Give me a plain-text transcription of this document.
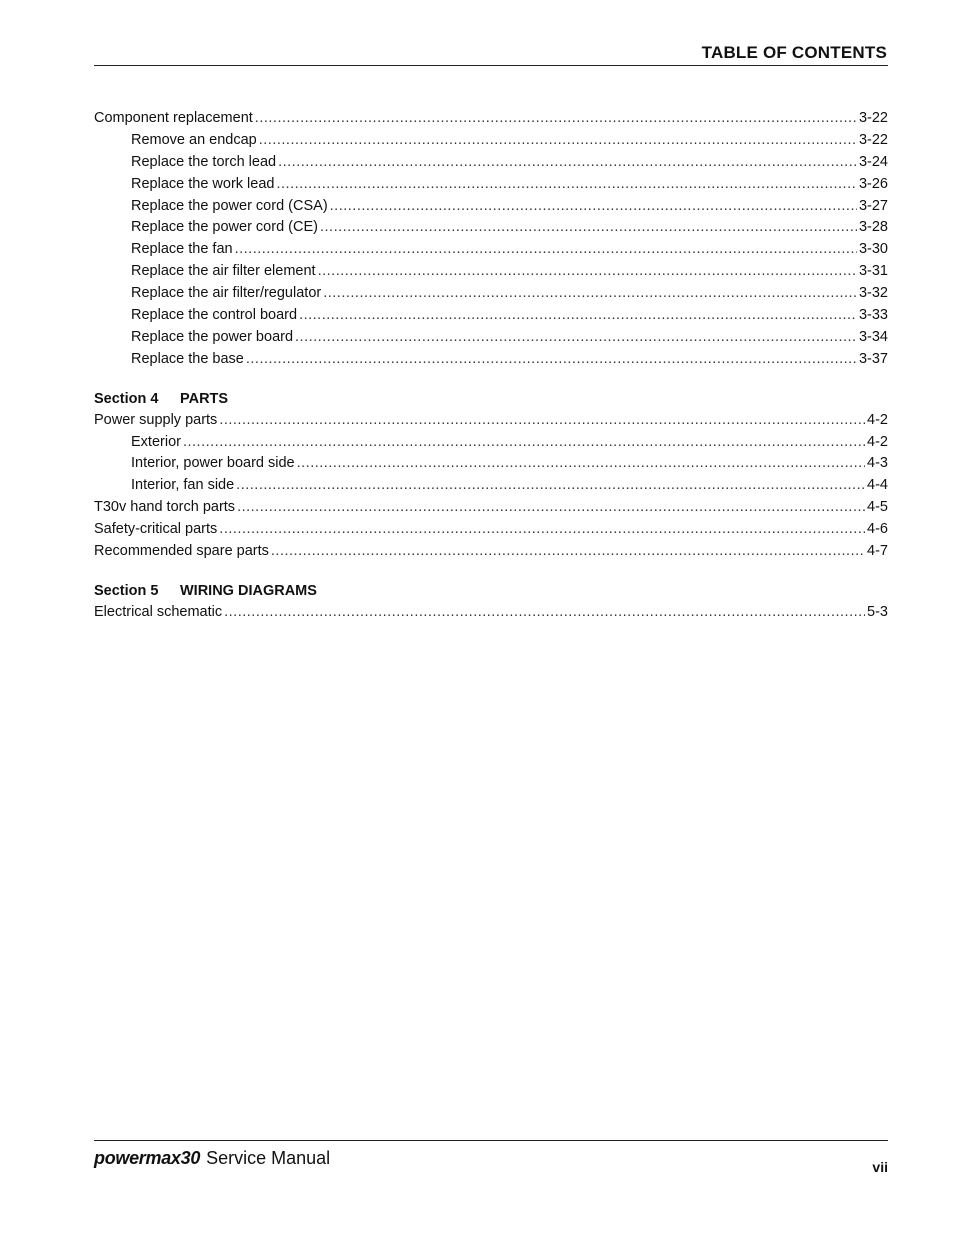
TABLE OF CONTENTS
Component replacement .....	3-22
Remove an endcap .....	3-22
Replace the torch lead .....	3-24
Replace the work lead .....	3-26
Replace the power cord (CSA) .....	3-27
Replace the power cord (CE) .....	3-28
Replace the fan .....	3-30
Replace the air filter element .....	3-31
Replace the air filter/regulator .....	3-32
Replace the control board .....	3-33
Replace the power board .....	3-34
Replace the base .....	3-37
Section 4 PARTS
Power supply parts .....	4-2
Exterior .....	4-2
Interior, power board side .....	4-3
Interior, fan side .....	4-4
T30v hand torch parts .....	4-5
Safety-critical parts .....	4-6
Recommended spare parts .....	4-7
Section 5 WIRING DIAGRAMS
Electrical schematic .....	5-3
powermax30 Service Manual	vii
